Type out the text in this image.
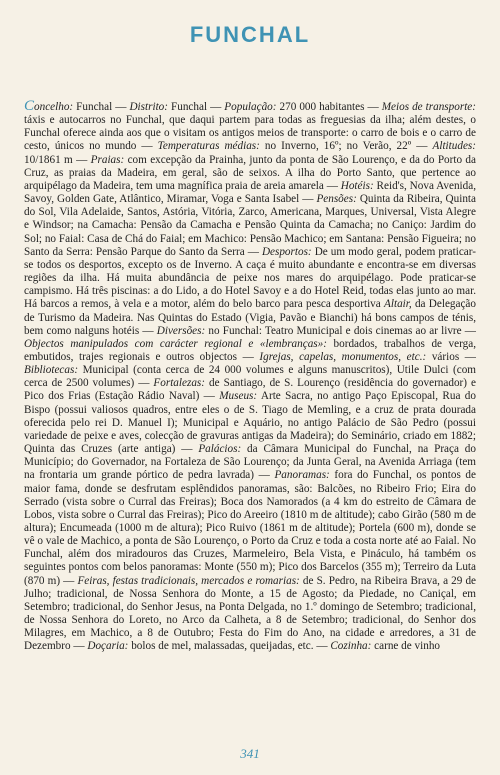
FUNCHAL
Concelho: Funchal — Distrito: Funchal — População: 270 000 habitantes — Meios de transporte: táxis e autocarros no Funchal, que daqui partem para todas as freguesias da ilha; além destes, o Funchal oferece ainda aos que o visitam os antigos meios de transporte: o carro de bois e o carro de cesto, únicos no mundo — Temperaturas médias: no Inverno, 16º; no Verão, 22º — Altitudes: 10/1861 m — Praias: com excepção da Prainha, junto da ponta de São Lourenço, e da do Porto da Cruz, as praias da Madeira, em geral, são de seixos. A ilha do Porto Santo, que pertence ao arquipélago da Madeira, tem uma magnífica praia de areia amarela — Hotéis: Reid's, Nova Avenida, Savoy, Golden Gate, Atlântico, Miramar, Voga e Santa Isabel — Pensões: Quinta da Ribeira, Quinta do Sol, Vila Adelaide, Santos, Astória, Vitória, Zarco, Americana, Marques, Universal, Vista Alegre e Windsor; na Camacha: Pensão da Camacha e Pensão Quinta da Camacha; no Caniço: Jardim do Sol; no Faial: Casa de Chá do Faial; em Machico: Pensão Machico; em Santana: Pensão Figueira; no Santo da Serra: Pensão Parque do Santo da Serra — Desportos: De um modo geral, podem praticar-se todos os desportos, excepto os de Inverno. A caça é muito abundante e encontra-se em diversas regiões da ilha. Há muita abundância de peixe nos mares do arquipélago. Pode praticar-se campismo. Há três piscinas: a do Lido, a do Hotel Savoy e a do Hotel Reid, todas elas junto ao mar. Há barcos a remos, à vela e a motor, além do belo barco para pesca desportiva Altair, da Delegação de Turismo da Madeira. Nas Quintas do Estado (Vigia, Pavão e Bianchi) há bons campos de ténis, bem como nalguns hotéis — Diversões: no Funchal: Teatro Municipal e dois cinemas ao ar livre — Objectos manipulados com carácter regional e «lembranças»: bordados, trabalhos de verga, embutidos, trajes regionais e outros objectos — Igrejas, capelas, monumentos, etc.: vários — Bibliotecas: Municipal (conta cerca de 24 000 volumes e alguns manuscritos), Utile Dulci (com cerca de 2500 volumes) — Fortalezas: de Santiago, de S. Lourenço (residência do governador) e Pico dos Frias (Estação Rádio Naval) — Museus: Arte Sacra, no antigo Paço Episcopal, Rua do Bispo (possui valiosos quadros, entre eles o de S. Tiago de Memling, e a cruz de prata dourada oferecida pelo rei D. Manuel I); Municipal e Aquário, no antigo Palácio de São Pedro (possui variedade de peixe e aves, colecção de gravuras antigas da Madeira); do Seminário, criado em 1882; Quinta das Cruzes (arte antiga) — Palácios: da Câmara Municipal do Funchal, na Praça do Município; do Governador, na Fortaleza de São Lourenço; da Junta Geral, na Avenida Arriaga (tem na frontaria um grande pórtico de pedra lavrada) — Panoramas: fora do Funchal, os pontos de maior fama, donde se desfrutam esplêndidos panoramas, são: Balcões, no Ribeiro Frio; Eira do Serrado (vista sobre o Curral das Freiras); Boca dos Namorados (a 4 km do estreito de Câmara de Lobos, vista sobre o Curral das Freiras); Pico do Areeiro (1810 m de altitude); cabo Girão (580 m de altura); Encumeada (1000 m de altura); Pico Ruivo (1861 m de altitude); Portela (600 m), donde se vê o vale de Machico, a ponta de São Lourenço, o Porto da Cruz e toda a costa norte até ao Faial. No Funchal, além dos miradouros das Cruzes, Marmeleiro, Bela Vista, e Pináculo, há também os seguintes pontos com belos panoramas: Monte (550 m); Pico dos Barcelos (355 m); Terreiro da Luta (870 m) — Feiras, festas tradicionais, mercados e romarias: de S. Pedro, na Ribeira Brava, a 29 de Julho; tradicional, de Nossa Senhora do Monte, a 15 de Agosto; da Piedade, no Caniçal, em Setembro; tradicional, do Senhor Jesus, na Ponta Delgada, no 1.º domingo de Setembro; tradicional, de Nossa Senhora do Loreto, no Arco da Calheta, a 8 de Setembro; tradicional, do Senhor dos Milagres, em Machico, a 8 de Outubro; Festa do Fim do Ano, na cidade e arredores, a 31 de Dezembro — Doçaria: bolos de mel, malassadas, queijadas, etc. — Cozinha: carne de vinho
341
